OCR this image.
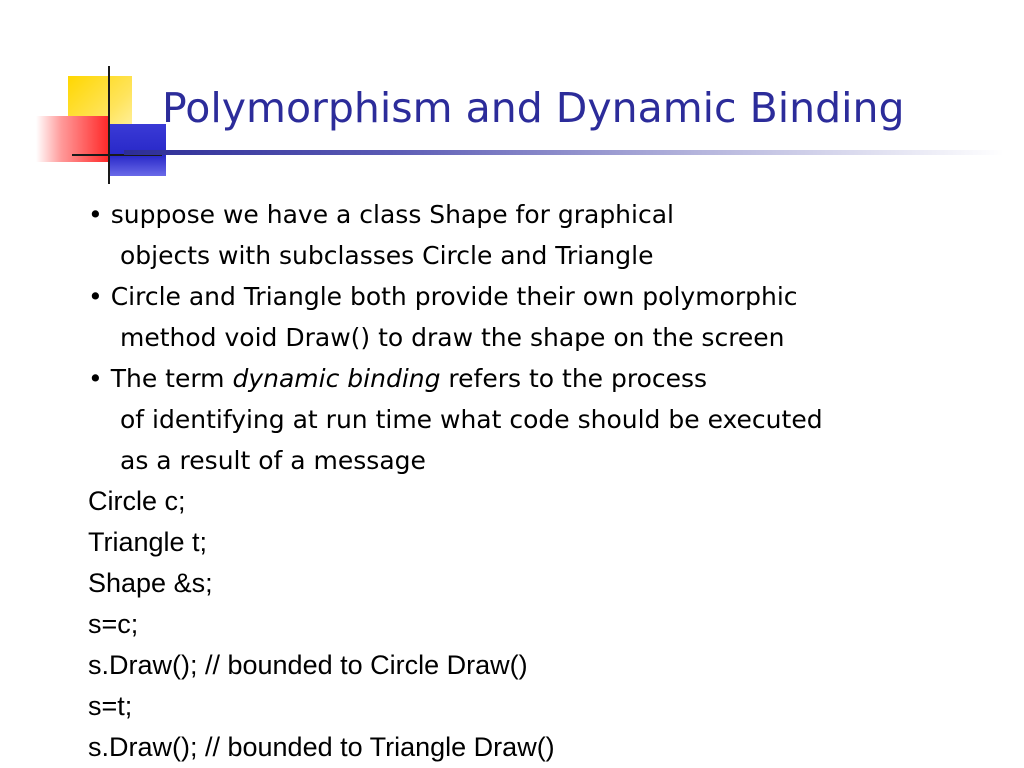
Polymorphism and Dynamic Binding
• suppose we have a class Shape for graphical
objects with subclasses Circle and Triangle
• Circle and Triangle both provide their own polymorphic
method void Draw() to draw the shape on the screen
• The term dynamic binding refers to the process
of identifying at run time what code should be executed
as a result of a message
Circle c;
Triangle t;
Shape &s;
s=c;
s.Draw(); // bounded to Circle Draw()
s=t;
s.Draw(); // bounded to Triangle Draw()
